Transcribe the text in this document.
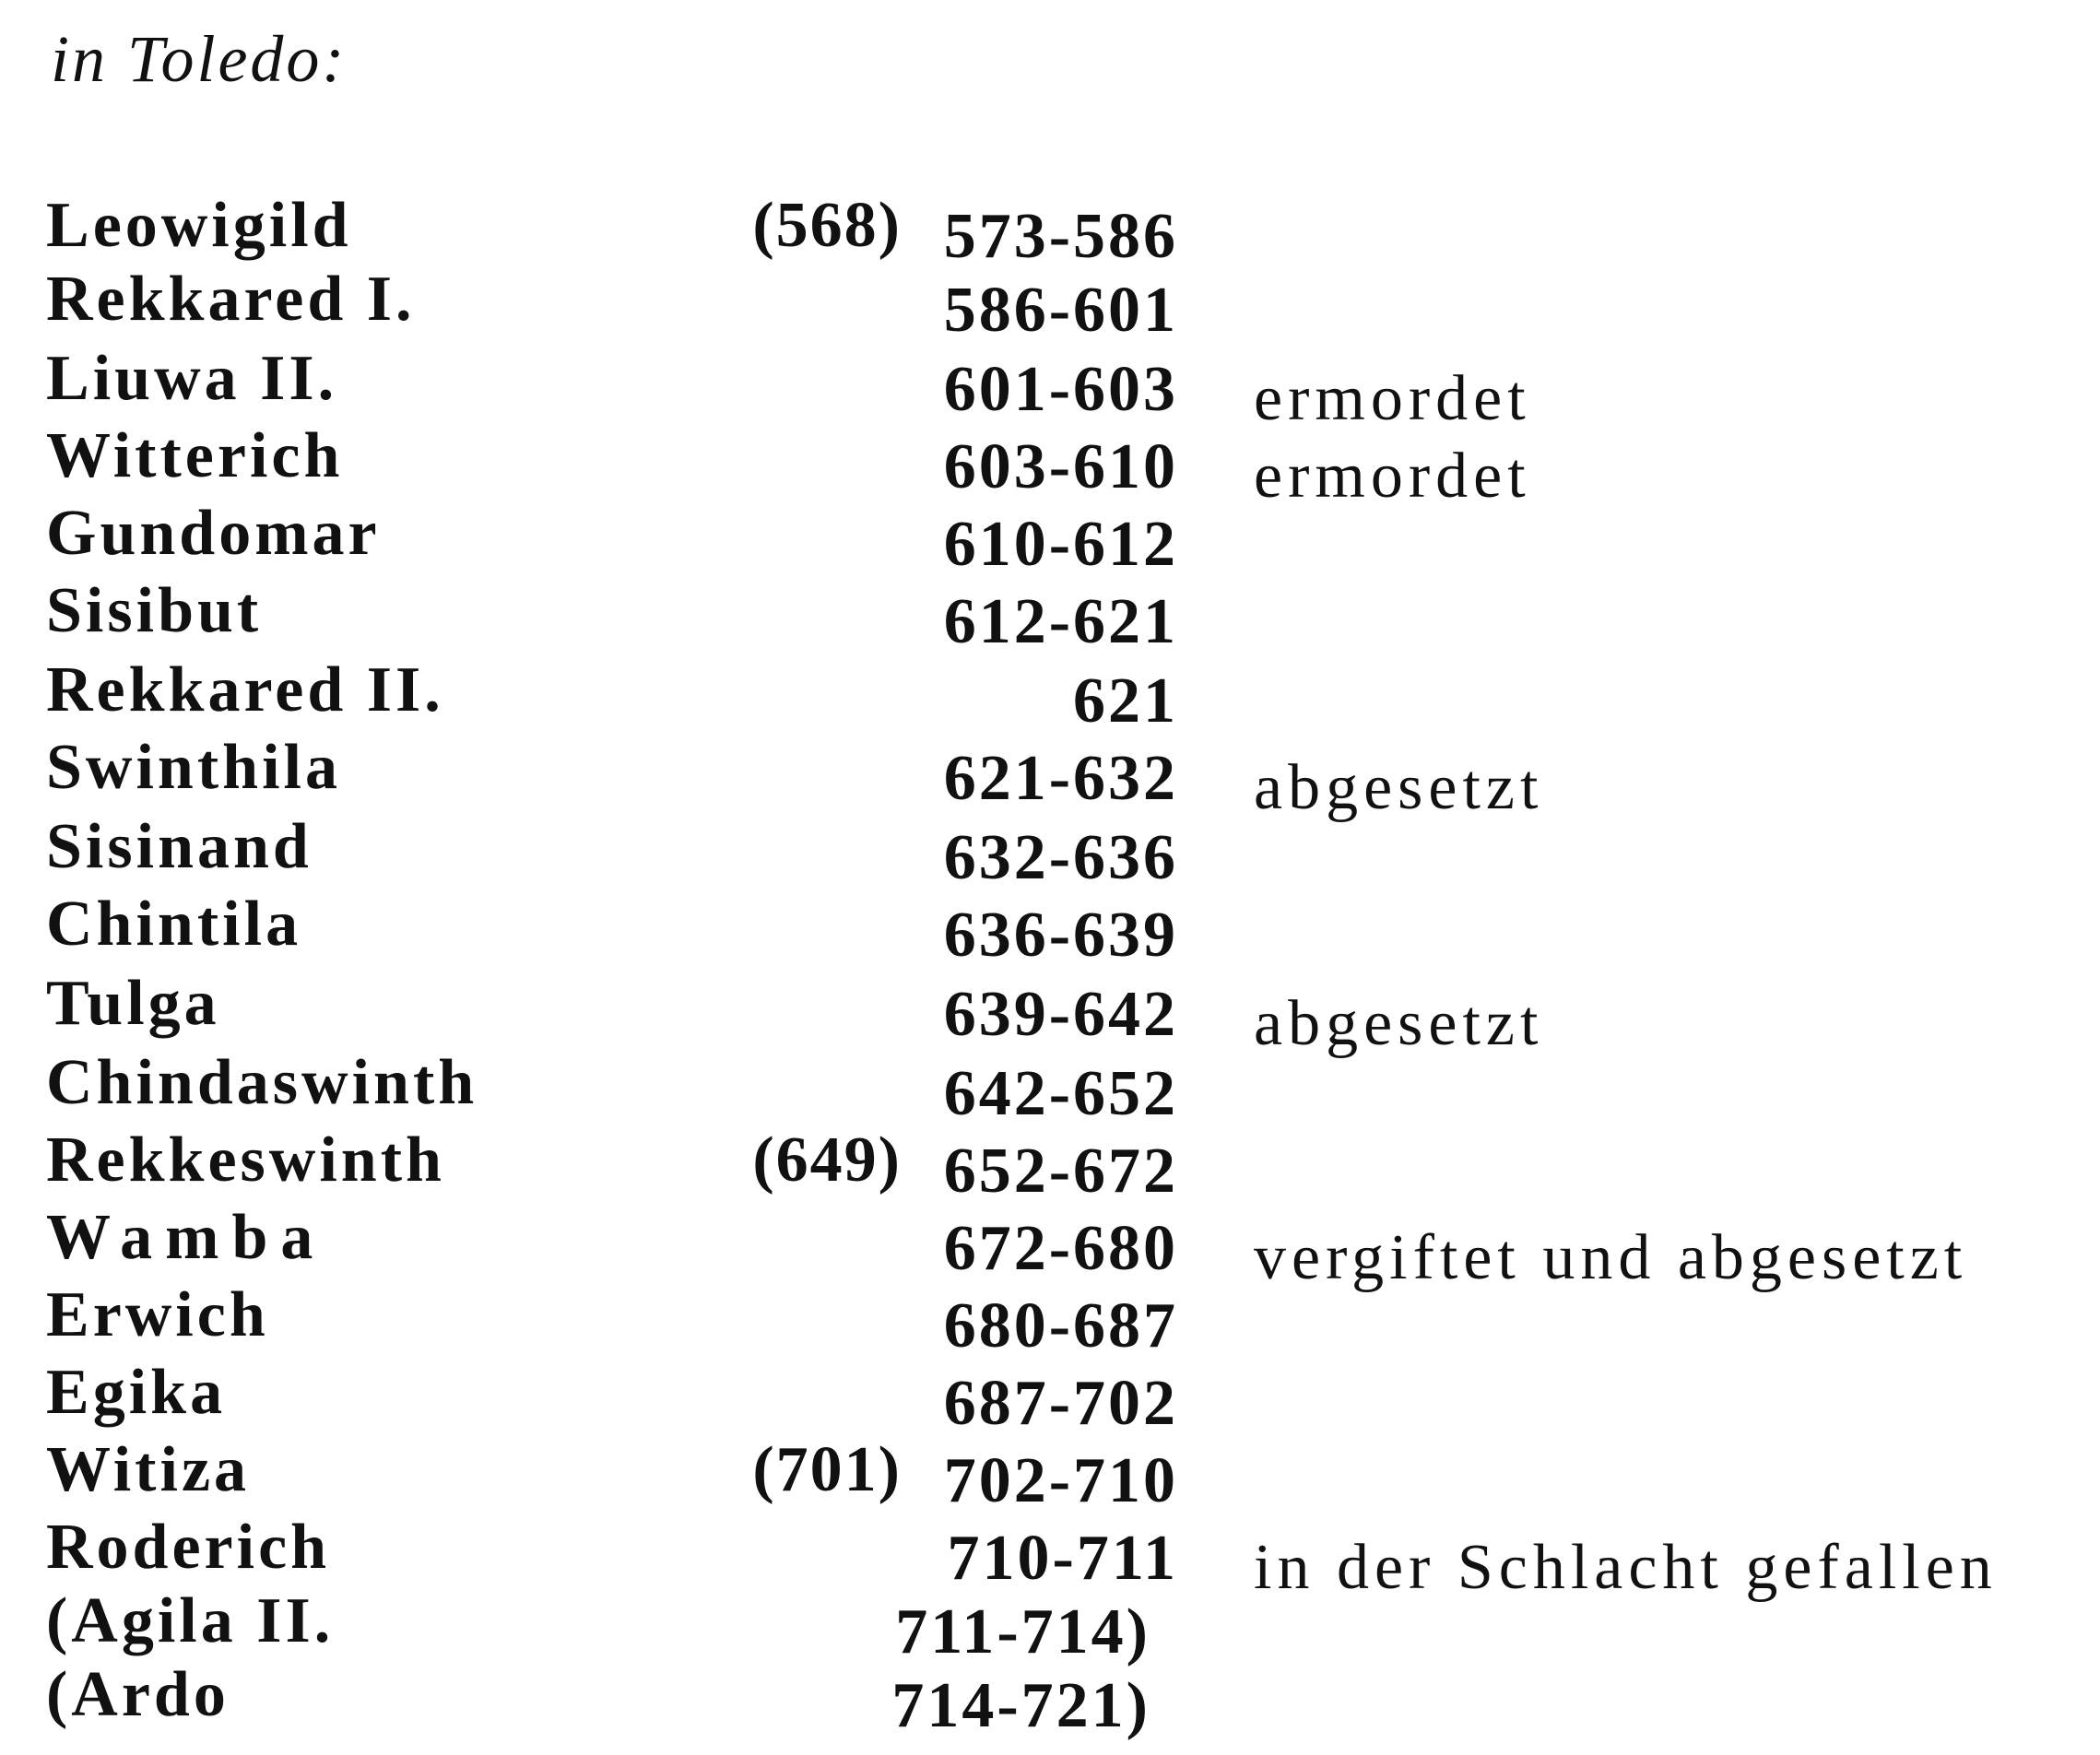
in Toledo:
Leowigild	(568) 573-586
Rekkared I.	586-601
Liuwa II.	601-603 ermordet
Witterich	603-610 ermordet
Gundomar	610-612
Sisibut	612-621
Rekkared II.	621
Swinthila	621-632 abgesetzt
Sisinand	632-636
Chintila	636-639
Tulga	639-642 abgesetzt
Chindaswinth	642-652
Rekkeswinth	(649) 652-672
Wamba	672-680 vergiftet und abgesetzt
Erwich	680-687
Egika	687-702
Witiza	(701) 702-710
Roderich	710-711 in der Schlacht gefallen
(Agila II.	711-714)
(Ardo	714-721)
